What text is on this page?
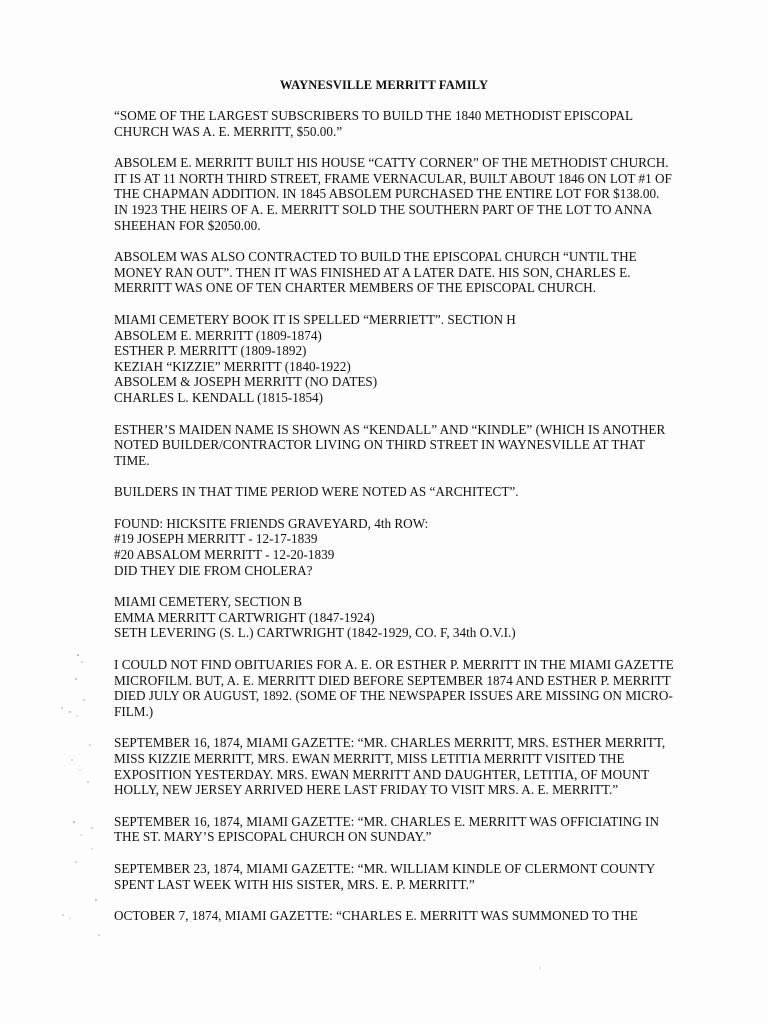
WAYNESVILLE MERRITT FAMILY
“SOME OF THE LARGEST SUBSCRIBERS TO BUILD THE 1840 METHODIST EPISCOPAL
CHURCH WAS A. E. MERRITT, $50.00.”
ABSOLEM E. MERRITT BUILT HIS HOUSE “CATTY CORNER” OF THE METHODIST CHURCH.
IT IS AT 11 NORTH THIRD STREET, FRAME VERNACULAR, BUILT ABOUT 1846 ON LOT #1 OF
THE CHAPMAN ADDITION. IN 1845 ABSOLEM PURCHASED THE ENTIRE LOT FOR $138.00.
IN 1923 THE HEIRS OF A. E. MERRITT SOLD THE SOUTHERN PART OF THE LOT TO ANNA
SHEEHAN FOR $2050.00.
ABSOLEM WAS ALSO CONTRACTED TO BUILD THE EPISCOPAL CHURCH “UNTIL THE
MONEY RAN OUT”. THEN IT WAS FINISHED AT A LATER DATE. HIS SON, CHARLES E.
MERRITT WAS ONE OF TEN CHARTER MEMBERS OF THE EPISCOPAL CHURCH.
MIAMI CEMETERY BOOK IT IS SPELLED “MERRIETT”. SECTION H
ABSOLEM E. MERRITT (1809-1874)
ESTHER P. MERRITT (1809-1892)
KEZIAH “KIZZIE” MERRITT (1840-1922)
ABSOLEM & JOSEPH MERRITT (NO DATES)
CHARLES L. KENDALL (1815-1854)
ESTHER’S MAIDEN NAME IS SHOWN AS “KENDALL” AND “KINDLE” (WHICH IS ANOTHER
NOTED BUILDER/CONTRACTOR LIVING ON THIRD STREET IN WAYNESVILLE AT THAT
TIME.
BUILDERS IN THAT TIME PERIOD WERE NOTED AS “ARCHITECT”.
FOUND: HICKSITE FRIENDS GRAVEYARD, 4th ROW:
#19 JOSEPH MERRITT - 12-17-1839
#20 ABSALOM MERRITT - 12-20-1839
DID THEY DIE FROM CHOLERA?
MIAMI CEMETERY, SECTION B
EMMA MERRITT CARTWRIGHT (1847-1924)
SETH LEVERING (S. L.) CARTWRIGHT (1842-1929, CO. F, 34th O.V.I.)
I COULD NOT FIND OBITUARIES FOR A. E. OR ESTHER P. MERRITT IN THE MIAMI GAZETTE
MICROFILM. BUT, A. E. MERRITT DIED BEFORE SEPTEMBER 1874 AND ESTHER P. MERRITT
DIED JULY OR AUGUST, 1892. (SOME OF THE NEWSPAPER ISSUES ARE MISSING ON MICRO-
FILM.)
SEPTEMBER 16, 1874, MIAMI GAZETTE: “MR. CHARLES MERRITT, MRS. ESTHER MERRITT,
MISS KIZZIE MERRITT, MRS. EWAN MERRITT, MISS LETITIA MERRITT VISITED THE
EXPOSITION YESTERDAY. MRS. EWAN MERRITT AND DAUGHTER, LETITIA, OF MOUNT
HOLLY, NEW JERSEY ARRIVED HERE LAST FRIDAY TO VISIT MRS. A. E. MERRITT.”
SEPTEMBER 16, 1874, MIAMI GAZETTE: “MR. CHARLES E. MERRITT WAS OFFICIATING IN
THE ST. MARY’S EPISCOPAL CHURCH ON SUNDAY.”
SEPTEMBER 23, 1874, MIAMI GAZETTE: “MR. WILLIAM KINDLE OF CLERMONT COUNTY
SPENT LAST WEEK WITH HIS SISTER, MRS. E. P. MERRITT.”
OCTOBER 7, 1874, MIAMI GAZETTE: “CHARLES E. MERRITT WAS SUMMONED TO THE
